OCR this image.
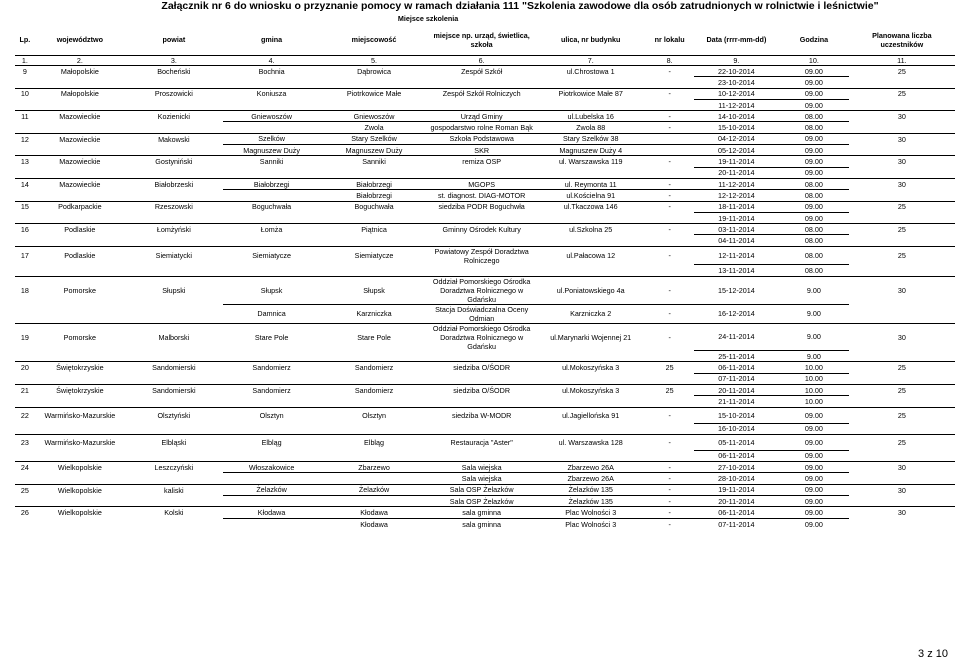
Załącznik nr 6 do wniosku o przyznanie pomocy w ramach działania 111 "Szkolenia zawodowe dla osób zatrudnionych w rolnictwie i leśnictwie"
				Miejsce szkolenia						
Lp.	województwo	powiat	gmina	miejscowość	miejsce np. urząd, świetlica, szkoła	ulica, nr budynku	nr lokalu	Data (rrrr-mm-dd)	Godzina	Planowana liczba uczestników
1.	2.	3.	4.	5.	6.	7.	8.	9.	10.	11.
9	Małopolskie	Bocheński	Bochnia	Dąbrowica	Zespół Szkół	ul.Chrostowa 1	-	22-10-2014	09.00	25
								23-10-2014	09.00	
10	Małopolskie	Proszowicki	Koniusza	Piotrkowice Małe	Zespół Szkół Rolniczych	Piotrkowice Małe 87	-	10-12-2014	09.00	25
								11-12-2014	09.00	
11	Mazowieckie	Kozienicki	Gniewoszów	Gniewoszów	Urząd Gminy	ul.Lubelska 16	-	14-10-2014	08.00	30
				Zwola	gospodarstwo rolne Roman Bąk	Zwola 88	-	15-10-2014	08.00	
12	Mazowieckie	Makowski	Szelków	Stary Szelków	Szkoła Podstawowa	Stary Szelków 38		04-12-2014	09.00	30
			Magnuszew Duży	Magnuszew Duży	SKR	Magnuszew Duży 4		05-12-2014	09.00	
13	Mazowieckie	Gostyniński	Sanniki	Sanniki	remiza OSP	ul. Warszawska 119	-	19-11-2014	09.00	30
								20-11-2014	09.00	
14	Mazowieckie	Białobrzeski	Białobrzegi	Białobrzegi	MGOPS	ul. Reymonta 11	-	11-12-2014	08.00	30
				Białobrzegi	st. diagnost. DIAG-MOTOR	ul.Kościelna 91	-	12-12-2014	08.00	
15	Podkarpackie	Rzeszowski	Boguchwała	Boguchwała	siedziba PODR Boguchwła	ul.Tkaczowa 146	-	18-11-2014	09.00	25
								19-11-2014	09.00	
16	Podlaskie	Łomżyński	Łomża	Piątnica	Gminny Ośrodek Kultury	ul.Szkolna 25	-	03-11-2014	08.00	25
								04-11-2014	08.00	
17	Podlaskie	Siemiatycki	Siemiatycze	Siemiatycze	Powiatowy Zespół Doradztwa Rolniczego	ul.Pałacowa 12	-	12-11-2014	08.00	25
								13-11-2014	08.00	
18	Pomorske	Słupski	Słupsk	Słupsk	Oddział Pomorskiego Ośrodka Doradztwa Rolnicznego w Gdańsku	ul.Poniatowskiego 4a	-	15-12-2014	9.00	30
			Damnica	Karzniczka	Stacja Doświadczalna Oceny Odmian	Karzniczka 2	-	16-12-2014	9.00	
19	Pomorske	Malborski	Stare Pole	Stare Pole	Oddział Pomorskiego Ośrodka Doradztwa Rolnicznego w Gdańsku	ul.Marynarki Wojennej 21	-	24-11-2014	9.00	30
								25-11-2014	9.00	
20	Świętokrzyskie	Sandomierski	Sandomierz	Sandomierz	siedziba O/ŚODR	ul.Mokoszyńska 3	25	06-11-2014	10.00	25
								07-11-2014	10.00	
21	Świętokrzyskie	Sandomierski	Sandomierz	Sandomierz	siedziba O/ŚODR	ul.Mokoszyńska 3	25	20-11-2014	10.00	25
								21-11-2014	10.00	
22	Warmińsko-Mazurskie	Olsztyński	Olsztyn	Olsztyn	siedziba W-MODR	ul.Jagiellońska 91	-	15-10-2014	09.00	25
								16-10-2014	09.00	
23	Warmińsko-Mazurskie	Elbląski	Elbląg	Elbląg	Restauracja "Aster"	ul. Warszawska 128	-	05-11-2014	09.00	25
								06-11-2014	09.00	
24	Wielkopolskie	Leszczyński	Włoszakowice	Zbarzewo	Sala wiejska	Zbarzewo 26A	-	27-10-2014	09.00	30
					Sala wiejska	Zbarzewo 26A	-	28-10-2014	09.00	
25	Wielkopolskie	kaliski	Żelazków	Żelazków	Sala OSP Żelazków	Żelazków 135	-	19-11-2014	09.00	30
					Sala OSP Żelazków	Żelazków 135	-	20-11-2014	09.00	
26	Wielkopolskie	Kolski	Kłodawa	Kłodawa	sala gminna	Plac Wolności 3	-	06-11-2014	09.00	30
				Kłodawa	sala gminna	Plac Wolności 3	-	07-11-2014	09.00	
3 z 10
